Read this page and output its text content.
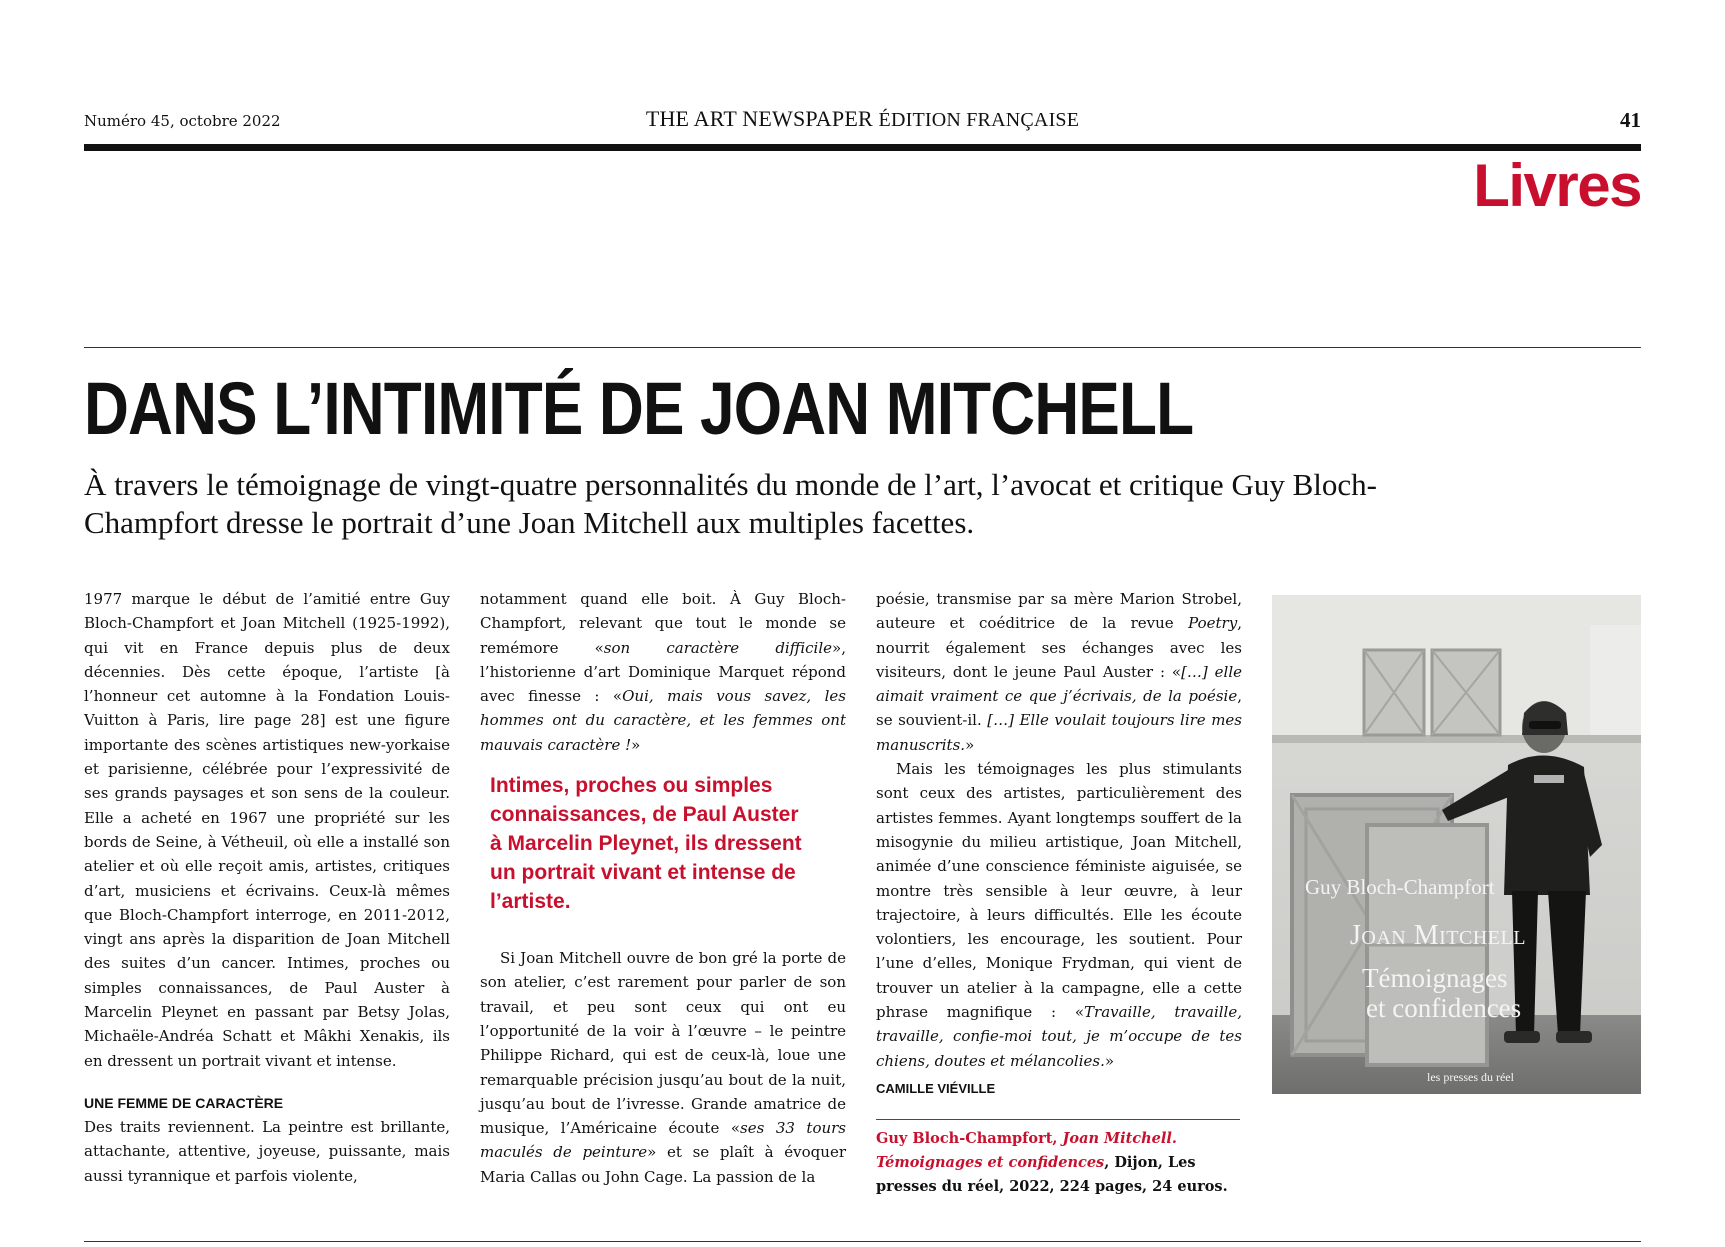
Numéro 45, octobre 2022	THE ART NEWSPAPER ÉDITION FRANÇAISE	41
Livres
DANS L’INTIMITÉ DE JOAN MITCHELL

À travers le témoignage de vingt-quatre personnalités du monde de l’art, l’avocat et critique Guy Bloch-Champfort dresse le portrait d’une Joan Mitchell aux multiples facettes.

1977 marque le début de l’amitié entre Guy Bloch-Champfort et Joan Mitchell (1925-1992), qui vit en France depuis plus de deux décennies. Dès cette époque, l’artiste [à l’honneur cet automne à la Fondation Louis-Vuitton à Paris, lire page 28] est une figure importante des scènes artistiques new-yorkaise et parisienne, célébrée pour l’expressivité de ses grands paysages et son sens de la couleur. Elle a acheté en 1967 une propriété sur les bords de Seine, à Vétheuil, où elle a installé son atelier et où elle reçoit amis, artistes, critiques d’art, musiciens et écrivains. Ceux-là mêmes que Bloch-Champfort interroge, en 2011-2012, vingt ans après la disparition de Joan Mitchell des suites d’un cancer. Intimes, proches ou simples connaissances, de Paul Auster à Marcelin Pleynet en passant par Betsy Jolas, Michaële-Andréa Schatt et Mâkhi Xenakis, ils en dressent un portrait vivant et intense.

UNE FEMME DE CARACTÈRE

Des traits reviennent. La peintre est brillante, attachante, attentive, joyeuse, puissante, mais aussi tyrannique et parfois violente,

notamment quand elle boit. À Guy Bloch-Champfort, relevant que tout le monde se remémore «son caractère difficile», l’historienne d’art Dominique Marquet répond avec finesse : «Oui, mais vous savez, les hommes ont du caractère, et les femmes ont mauvais caractère !»

Intimes, proches ou simples connaissances, de Paul Auster à Marcelin Pleynet, ils dressent un portrait vivant et intense de l’artiste.

Si Joan Mitchell ouvre de bon gré la porte de son atelier, c’est rarement pour parler de son travail, et peu sont ceux qui ont eu l’opportunité de la voir à l’œuvre – le peintre Philippe Richard, qui est de ceux-là, loue une remarquable précision jusqu’au bout de la nuit, jusqu’au bout de l’ivresse. Grande amatrice de musique, l’Américaine écoute «ses 33 tours maculés de peinture» et se plaît à évoquer Maria Callas ou John Cage. La passion de la

poésie, transmise par sa mère Marion Strobel, auteure et coéditrice de la revue Poetry, nourrit également ses échanges avec les visiteurs, dont le jeune Paul Auster : «[…] elle aimait vraiment ce que j’écrivais, de la poésie, se souvient-il. […] Elle voulait toujours lire mes manuscrits.»

Mais les témoignages les plus stimulants sont ceux des artistes, particulièrement des artistes femmes. Ayant longtemps souffert de la misogynie du milieu artistique, Joan Mitchell, animée d’une conscience féministe aiguisée, se montre très sensible à leur œuvre, à leur trajectoire, à leurs difficultés. Elle les écoute volontiers, les encourage, les soutient. Pour l’une d’elles, Monique Frydman, qui vient de trouver un atelier à la campagne, elle a cette phrase magnifique : «Travaille, travaille, travaille, confie-moi tout, je m’occupe de tes chiens, doutes et mélancolies.»

CAMILLE VIÉVILLE

Guy Bloch-Champfort, Joan Mitchell. Témoignages et confidences, Dijon, Les presses du réel, 2022, 224 pages, 24 euros.
Guy Bloch-Champfort
Joan Mitchell
Témoignages
et confidences
les presses du réel
